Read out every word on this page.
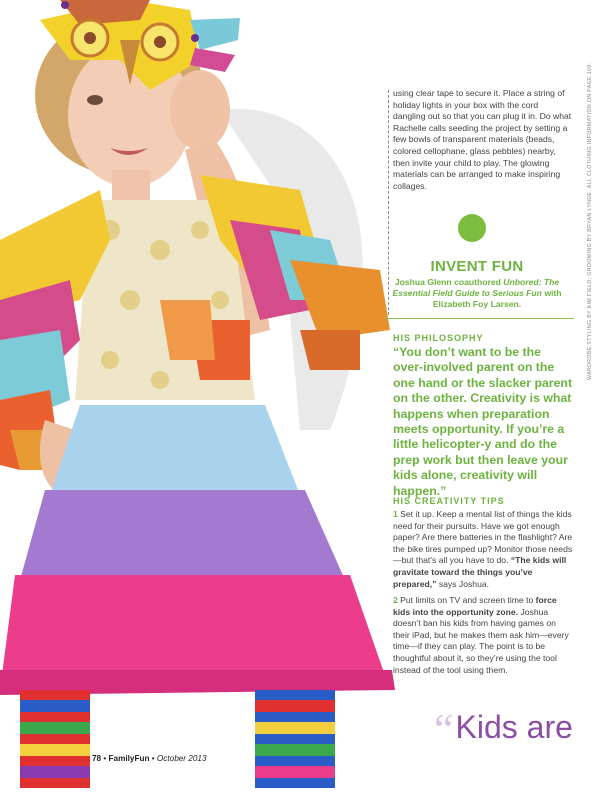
using clear tape to secure it. Place a string of holiday lights in your box with the cord dangling out so that you can plug it in. Do what Rachelle calls seeding the project by setting a few bowls of transparent materials (beads, colored cellophane, glass pebbles) nearby, then invite your child to play. The glowing materials can be arranged to make inspiring collages.

INVENT FUN

Joshua Glenn coauthored Unbored: The Essential Field Guide to Serious Fun with Elizabeth Foy Larsen.

HIS PHILOSOPHY

“You don’t want to be the over-involved parent on the one hand or the slacker parent on the other. Creativity is what happens when preparation meets opportunity. If you’re a little helicopter-y and do the prep work but then leave your kids alone, creativity will happen.”

HIS CREATIVITY TIPS

1 Set it up. Keep a mental list of things the kids need for their pursuits. Have we got enough paper? Are there batteries in the flashlight? Are the bike tires pumped up? Monitor those needs—but that’s all you have to do. “The kids will gravitate toward the things you’ve prepared,” says Joshua.

2 Put limits on TV and screen time to force kids into the opportunity zone. Joshua doesn’t ban his kids from having games on their iPad, but he makes them ask him—every time—if they can play. The point is to be thoughtful about it, so they’re using the tool instead of the tool using them.

“Kids are
WARDROBE STYLING BY KIM FIELD; GROOMING BY BRYAN LYNDE. ALL CLOTHING INFORMATION ON PAGE 109.
78 • FamilyFun • October 2013
